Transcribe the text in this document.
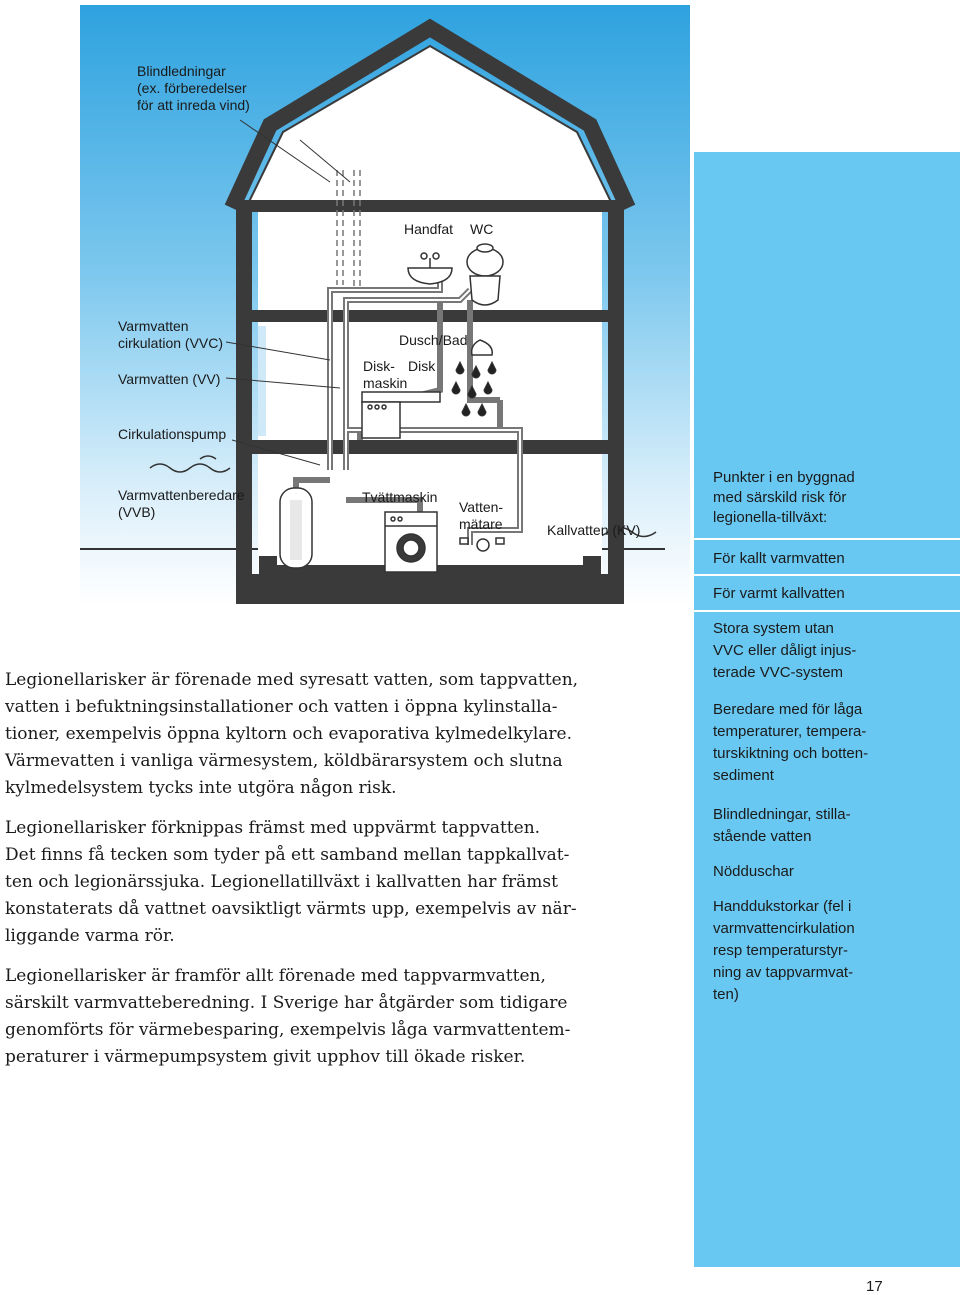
Blindledningar
(ex. förberedelser
för att inreda vind)
Handfat WC
Dusch/Bad
Disk-
maskin
Disk
Varmvatten
cirkulation (VVC)
Varmvatten (VV)
Cirkulationspump
Varmvattenberedare
(VVB)
Tvättmaskin
Vatten-
mätare	Kallvatten (KV)
Punkter i en byggnad
med särskild risk för
legionella-tillväxt:
För kallt varmvatten
För varmt kallvatten
Stora system utan
VVC eller dåligt injus-
terade VVC-system
Beredare med för låga
temperaturer, tempera-
turskiktning och botten-
sediment
Blindledningar, stilla-
stående vatten
Nödduschar
Handdukstorkar (fel i
varmvattencirkulation
resp temperaturstyr-
ning av tappvarmvat-
ten)
Legionellarisker är förenade med syresatt vatten, som tappvatten,
vatten i befuktningsinstallationer och vatten i öppna kylinstalla-
tioner, exempelvis öppna kyltorn och evaporativa kylmedelkylare.
Värmevatten i vanliga värmesystem, köldbärarsystem och slutna
kylmedelsystem tycks inte utgöra någon risk.
Legionellarisker förknippas främst med uppvärmt tappvatten.
Det finns få tecken som tyder på ett samband mellan tappkallvat-
ten och legionärssjuka. Legionellatillväxt i kallvatten har främst
konstaterats då vattnet oavsiktligt värmts upp, exempelvis av när-
liggande varma rör.
Legionellarisker är framför allt förenade med tappvarmvatten,
särskilt varmvatteberedning. I Sverige har åtgärder som tidigare
genomförts för värmebesparing, exempelvis låga varmvattentem-
peraturer i värmepumpsystem givit upphov till ökade risker.
17
